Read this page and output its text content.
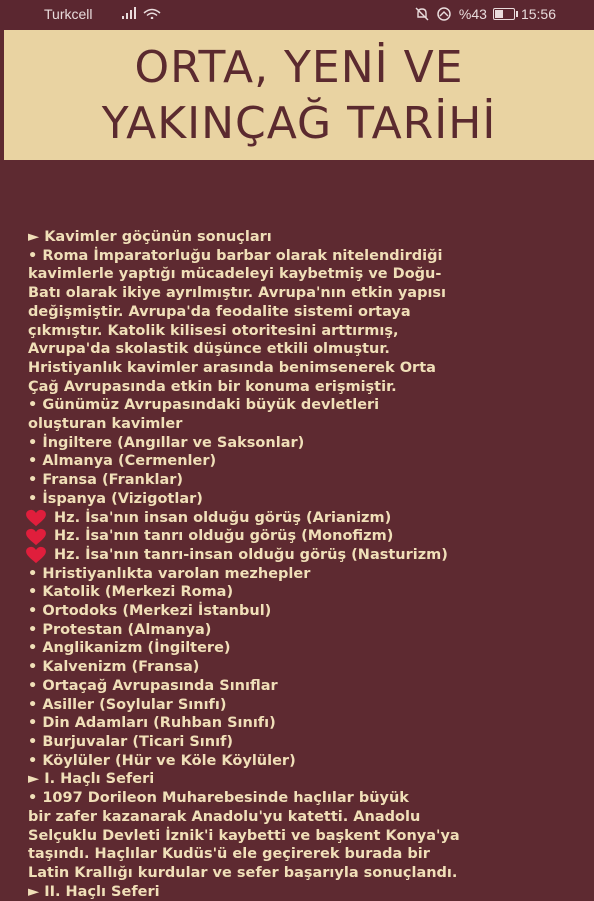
Turkcell	%43 15:56
ORTA, YENİ VE
YAKINÇAĞ TARİHİ
► Kavimler göçünün sonuçları
• Roma İmparatorluğu barbar olarak nitelendirdiği
kavimlerle yaptığı mücadeleyi kaybetmiş ve Doğu-
Batı olarak ikiye ayrılmıştır. Avrupa'nın etkin yapısı
değişmiştir. Avrupa'da feodalite sistemi ortaya
çıkmıştır. Katolik kilisesi otoritesini arttırmış,
Avrupa'da skolastik düşünce etkili olmuştur.
Hristiyanlık kavimler arasında benimsenerek Orta
Çağ Avrupasında etkin bir konuma erişmiştir.
• Günümüz Avrupasındaki büyük devletleri
oluşturan kavimler
• İngiltere (Angıllar ve Saksonlar)
• Almanya (Cermenler)
• Fransa (Franklar)
• İspanya (Vizigotlar)
Hz. İsa'nın insan olduğu görüş (Arianizm)
Hz. İsa'nın tanrı olduğu görüş (Monofizm)
Hz. İsa'nın tanrı-insan olduğu görüş (Nasturizm)
• Hristiyanlıkta varolan mezhepler
• Katolik (Merkezi Roma)
• Ortodoks (Merkezi İstanbul)
• Protestan (Almanya)
• Anglikanizm (İngiltere)
• Kalvenizm (Fransa)
• Ortaçağ Avrupasında Sınıflar
• Asiller (Soylular Sınıfı)
• Din Adamları (Ruhban Sınıfı)
• Burjuvalar (Ticari Sınıf)
• Köylüler (Hür ve Köle Köylüler)
► I. Haçlı Seferi
• 1097 Dorileon Muharebesinde haçlılar büyük
bir zafer kazanarak Anadolu'yu katetti. Anadolu
Selçuklu Devleti İznik'i kaybetti ve başkent Konya'ya
taşındı. Haçlılar Kudüs'ü ele geçirerek burada bir
Latin Krallığı kurdular ve sefer başarıyla sonuçlandı.
► II. Haçlı Seferi
